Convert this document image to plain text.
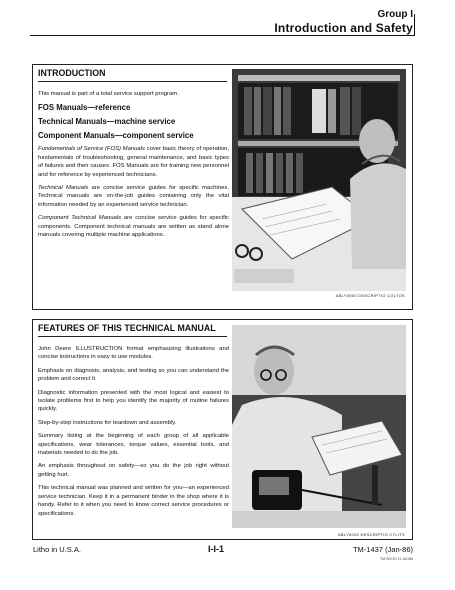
Group I
Introduction and Safety
INTRODUCTION

This manual is part of a total service support program.

FOS Manuals—reference
Technical Manuals—machine service
Component Manuals—component service

Fundamentals of Service (FOS) Manuals cover basic theory of operation, fundamentals of troubleshooting, general maintenance, and basic types of failures and their causes. FOS Manuals are for training new personnel and for reference by experienced technicians.

Technical Manuals are concise service guides for specific machines. Technical manuals are on-the-job guides containing only the vital information needed by an experienced service technician.

Component Technical Manuals are concise service guides for specific components. Component technical manuals are written as stand alone manuals covering multiple machine applications.

ABLY0000 DESCRIPTIO COLTOS
FEATURES OF THIS TECHNICAL MANUAL

John Deere ILLUSTRUCTION format emphasizing illustrations and concise instructions in easy to use modules.

Emphasis on diagnosis, analysis, and testing so you can understand the problem and correct it.

Diagnostic information presented with the most logical and easiest to isolate problems first to help you identify the majority of routine failures quickly.

Step-by-step instructions for teardown and assembly.

Summary listing at the beginning of each group of all applicable specifications, wear tolerances, torque values, essential tools, and materials needed to do the job.

An emphasis throughout on safety—so you do the job right without getting hurt.

This technical manual was planned and written for you—an experienced service technician. Keep it in a permanent binder in the shop where it is handy. Refer to it when you need to know correct service procedures or specifications.

ABLY0000 DESCRIPTIO CTLITS
Litho in U.S.A.	I-I-1	TM-1437 (Jan-86)
TM-SOOO 11 JAO86
